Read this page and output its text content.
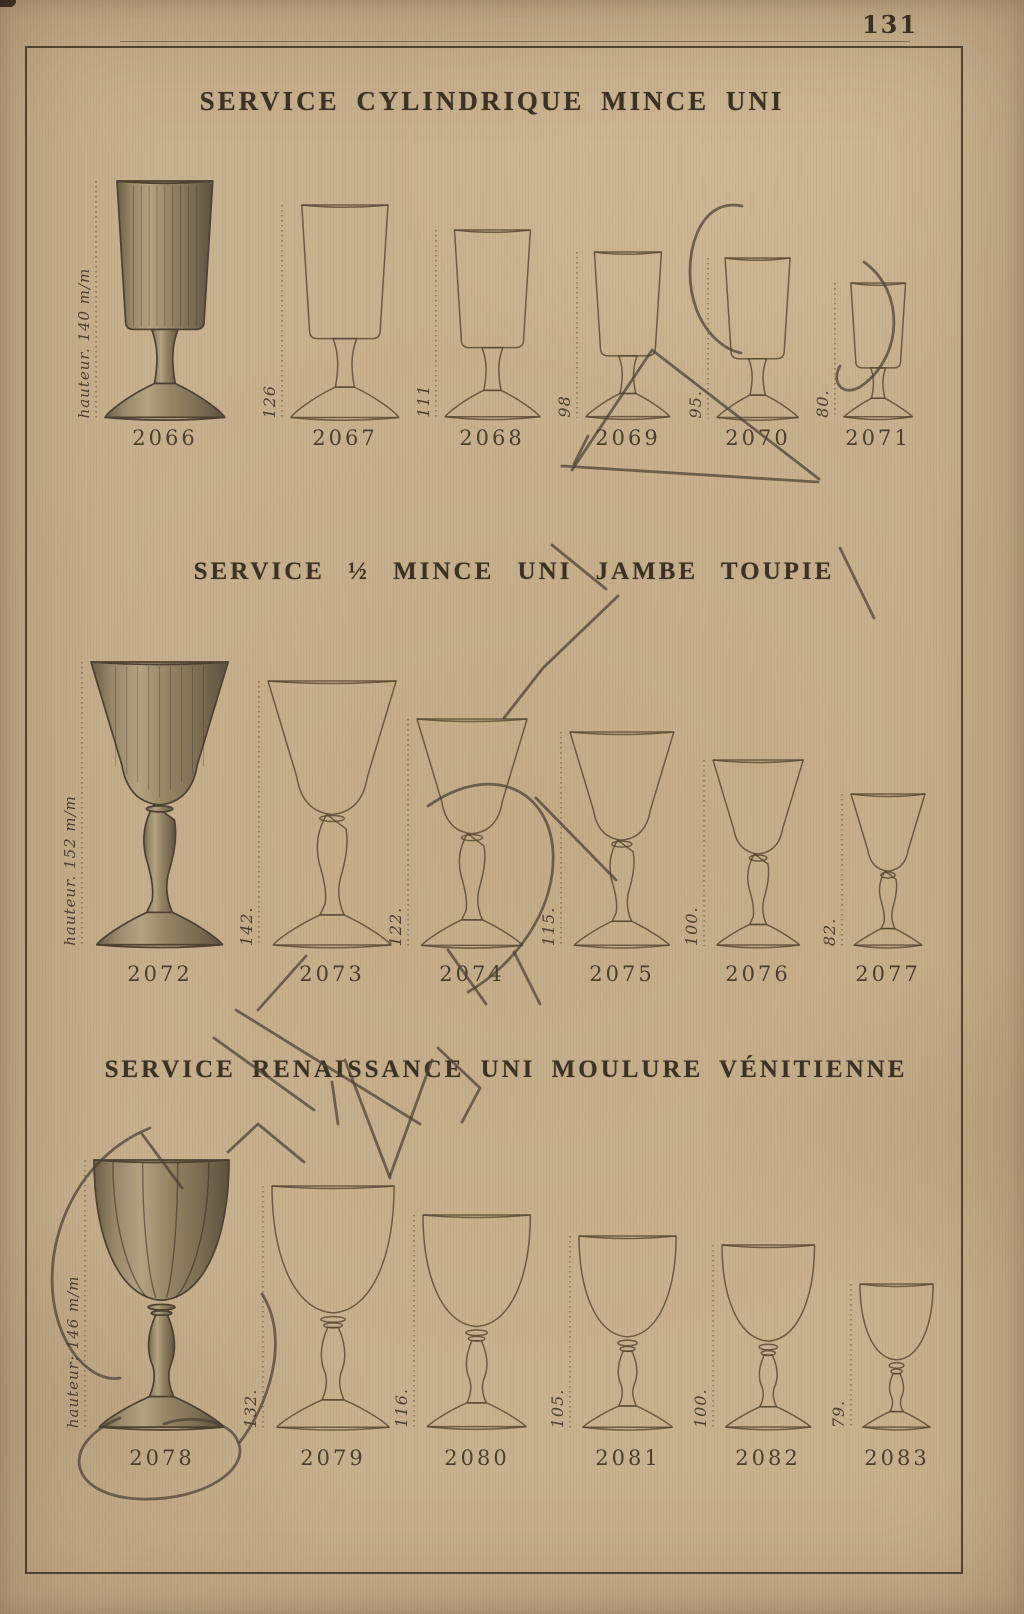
131
SERVICE CYLINDRIQUE MINCE UNI
SERVICE ½ MINCE UNI JAMBE TOUPIE
SERVICE RENAISSANCE UNI MOULURE VÉNITIENNE
hauteur. 140 m/m
2066
126
2067
111
2068
98
2069
95.
2070
80.
2071
hauteur. 152 m/m
2072
142.
2073
122.
2074
115.
2075
100.
2076
82.
2077
hauteur: 146 m/m
2078
132.
2079
116.
2080
105.
2081
100.
2082
79.
2083
